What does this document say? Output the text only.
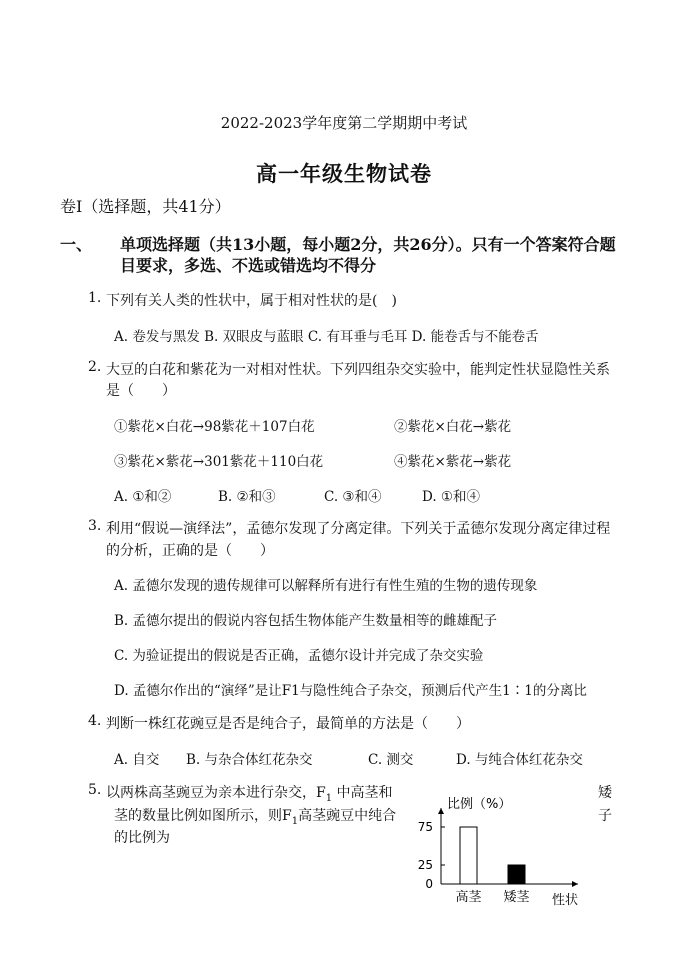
2022-2023学年度第二学期期中考试
高一年级生物试卷
卷Ⅰ（选择题，共41分）
一、 单项选择题（共13小题，每小题2分，共26分）。只有一个答案符合题
目要求，多选、不选或错选均不得分
1. 下列有关人类的性状中，属于相对性状的是(　)
A. 卷发与黑发 B. 双眼皮与蓝眼 C. 有耳垂与毛耳 D. 能卷舌与不能卷舌
2. 大豆的白花和紫花为一对相对性状。下列四组杂交实验中，能判定性状显隐性关系
是（　　）
①紫花×白花→98紫花＋107白花	②紫花×白花→紫花
③紫花×紫花→301紫花＋110白花	④紫花×紫花→紫花
A. ①和②	B. ②和③	C. ③和④	D. ①和④
3. 利用“假说—演绎法”，孟德尔发现了分离定律。下列关于孟德尔发现分离定律过程
的分析，正确的是（　　）
A. 孟德尔发现的遗传规律可以解释所有进行有性生殖的生物的遗传现象
B. 孟德尔提出的假说内容包括生物体能产生数量相等的雌雄配子
C. 为验证提出的假说是否正确，孟德尔设计并完成了杂交实验
D. 孟德尔作出的“演绎”是让F1与隐性纯合子杂交，预测后代产生1∶1的分离比
4. 判断一株红花豌豆是否是纯合子，最简单的方法是（　　）
A. 自交 B. 与杂合体红花杂交	C. 测交	D. 与纯合体红花杂交
5. 以两株高茎豌豆为亲本进行杂交，$F_1$ 中高茎和	矮
茎的数量比例如图所示，则$F_1$高茎豌豆中纯合	子
的比例为
比例（%）
0
25
75
高茎 矮茎 性状
